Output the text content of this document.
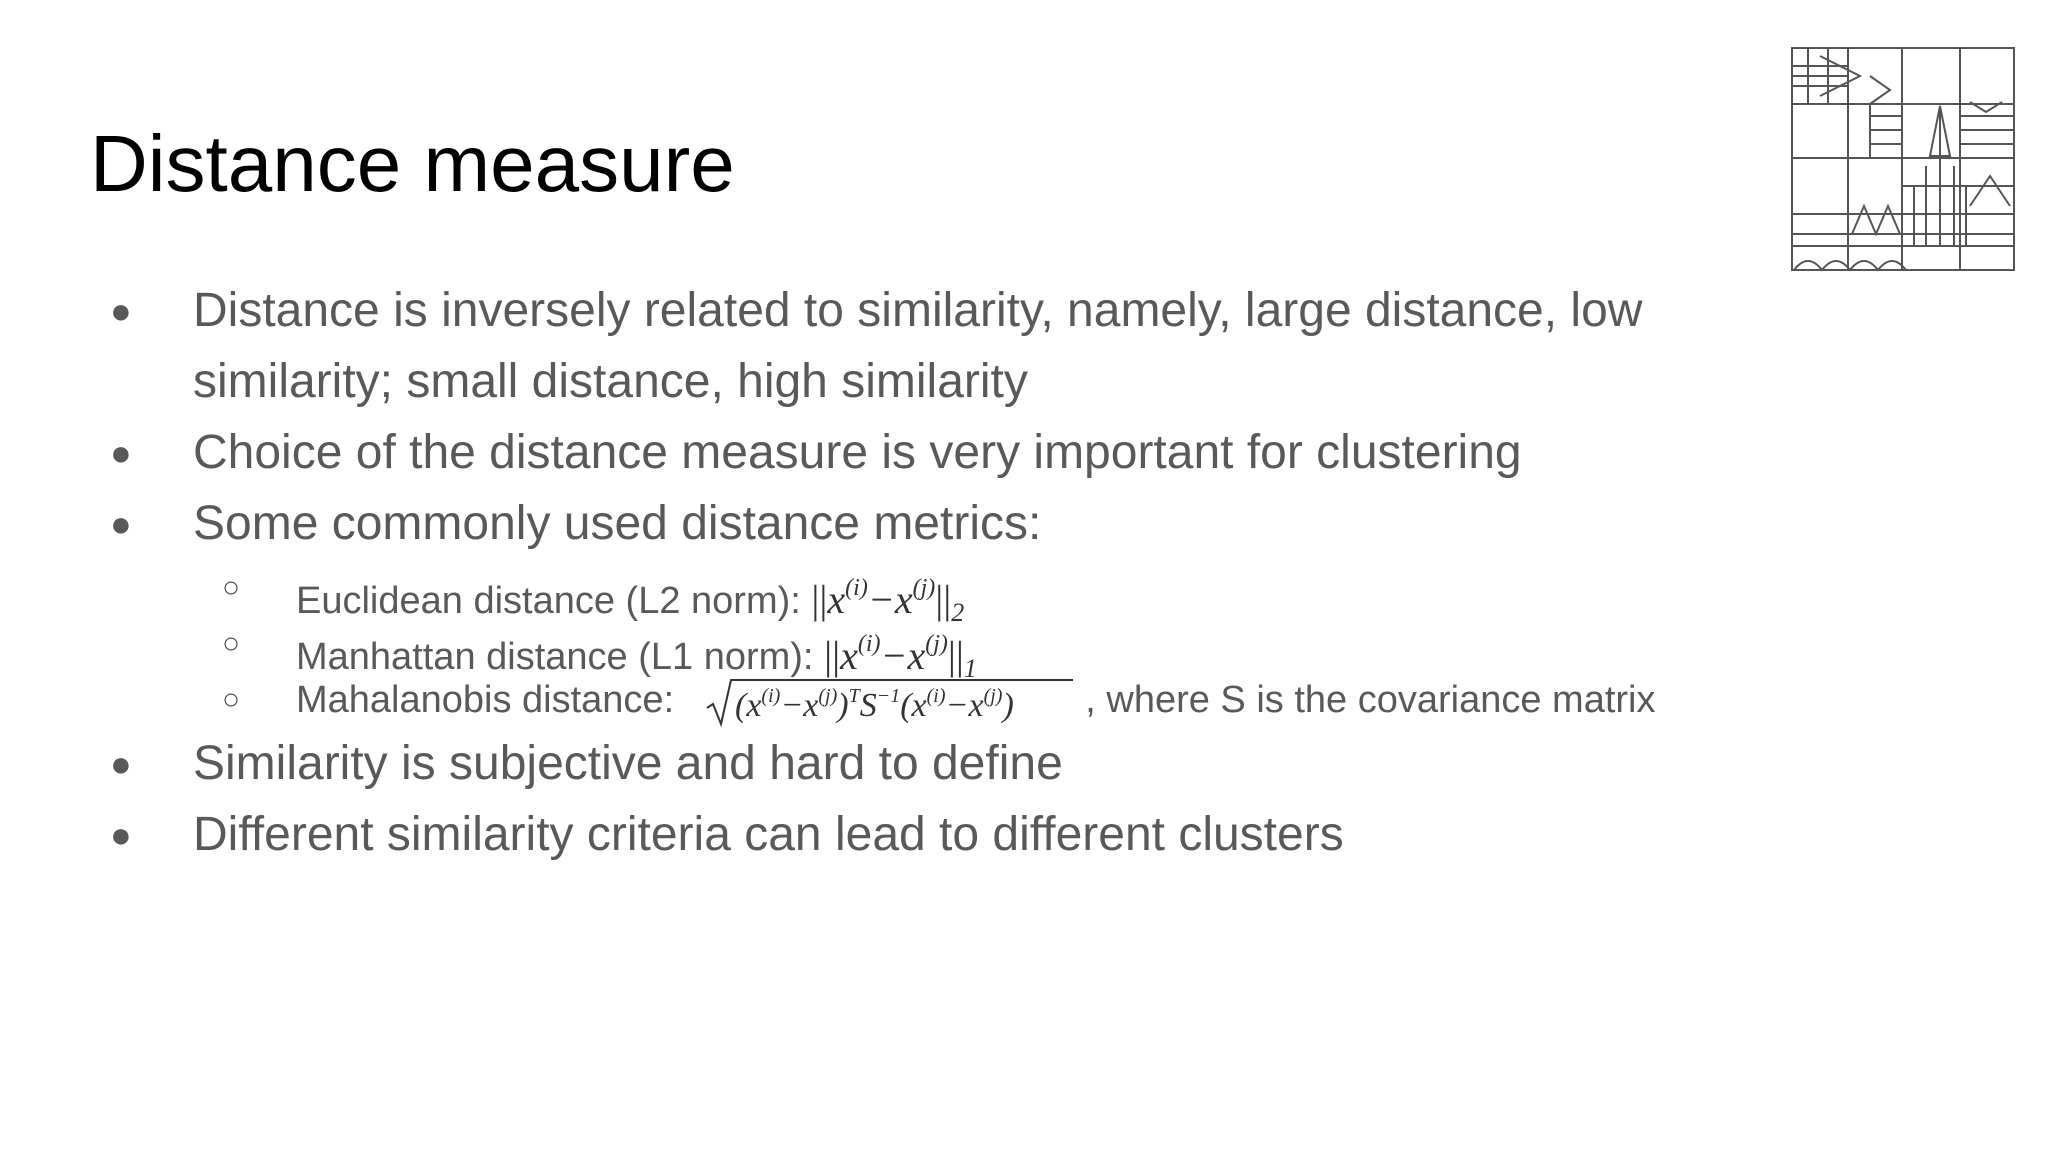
Distance measure
● Distance is inversely related to similarity, namely, large distance, low similarity; small distance, high similarity
● Choice of the distance measure is very important for clustering
● Some commonly used distance metrics:
○ Euclidean distance (L2 norm): $||x^{(i)}-x^{(j)}||_2$
○ Manhattan distance (L1 norm): $||x^{(i)}-x^{(j)}||_1$
○ Mahalanobis distance: $(x^{(i)}-x^{(j)})^TS^{-1}(x^{(i)}-x^{(j)})$ , where S is the covariance matrix
● Similarity is subjective and hard to define
● Different similarity criteria can lead to different clusters
